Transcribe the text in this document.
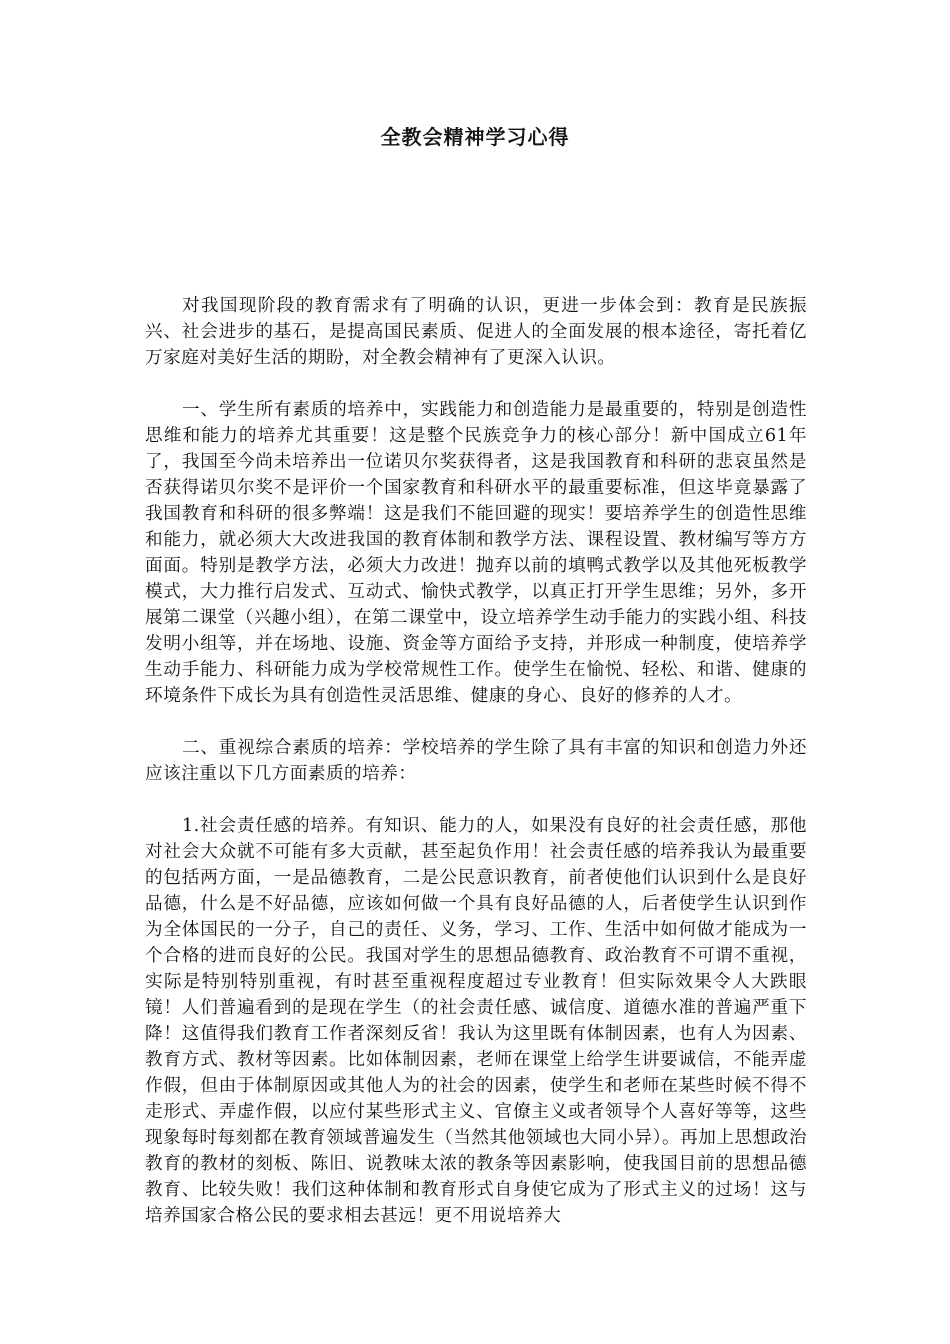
全教会精神学习心得

对我国现阶段的教育需求有了明确的认识，更进一步体会到：教育是民族振兴、社会进步的基石，是提高国民素质、促进人的全面发展的根本途径，寄托着亿万家庭对美好生活的期盼，对全教会精神有了更深入认识。

一、学生所有素质的培养中，实践能力和创造能力是最重要的，特别是创造性思维和能力的培养尤其重要！这是整个民族竞争力的核心部分！新中国成立61年了，我国至今尚未培养出一位诺贝尔奖获得者，这是我国教育和科研的悲哀虽然是否获得诺贝尔奖不是评价一个国家教育和科研水平的最重要标准，但这毕竟暴露了我国教育和科研的很多弊端！这是我们不能回避的现实！要培养学生的创造性思维和能力，就必须大大改进我国的教育体制和教学方法、课程设置、教材编写等方方面面。特别是教学方法，必须大力改进！抛弃以前的填鸭式教学以及其他死板教学模式，大力推行启发式、互动式、愉快式教学，以真正打开学生思维；另外，多开展第二课堂（兴趣小组），在第二课堂中，设立培养学生动手能力的实践小组、科技发明小组等，并在场地、设施、资金等方面给予支持，并形成一种制度，使培养学生动手能力、科研能力成为学校常规性工作。使学生在愉悦、轻松、和谐、健康的环境条件下成长为具有创造性灵活思维、健康的身心、良好的修养的人才。

二、重视综合素质的培养：学校培养的学生除了具有丰富的知识和创造力外还应该注重以下几方面素质的培养：

1.社会责任感的培养。有知识、能力的人，如果没有良好的社会责任感，那他对社会大众就不可能有多大贡献，甚至起负作用！社会责任感的培养我认为最重要的包括两方面，一是品德教育，二是公民意识教育，前者使他们认识到什么是良好品德，什么是不好品德，应该如何做一个具有良好品德的人，后者使学生认识到作为全体国民的一分子，自己的责任、义务，学习、工作、生活中如何做才能成为一个合格的进而良好的公民。我国对学生的思想品德教育、政治教育不可谓不重视，实际是特别特别重视，有时甚至重视程度超过专业教育！但实际效果令人大跌眼镜！人们普遍看到的是现在学生（的社会责任感、诚信度、道德水准的普遍严重下降！这值得我们教育工作者深刻反省！我认为这里既有体制因素，也有人为因素、教育方式、教材等因素。比如体制因素，老师在课堂上给学生讲要诚信，不能弄虚作假，但由于体制原因或其他人为的社会的因素，使学生和老师在某些时候不得不走形式、弄虚作假，以应付某些形式主义、官僚主义或者领导个人喜好等等，这些现象每时每刻都在教育领域普遍发生（当然其他领域也大同小异）。再加上思想政治教育的教材的刻板、陈旧、说教味太浓的教条等因素影响，使我国目前的思想品德教育、比较失败！我们这种体制和教育形式自身使它成为了形式主义的过场！这与培养国家合格公民的要求相去甚远！更不用说培养大
